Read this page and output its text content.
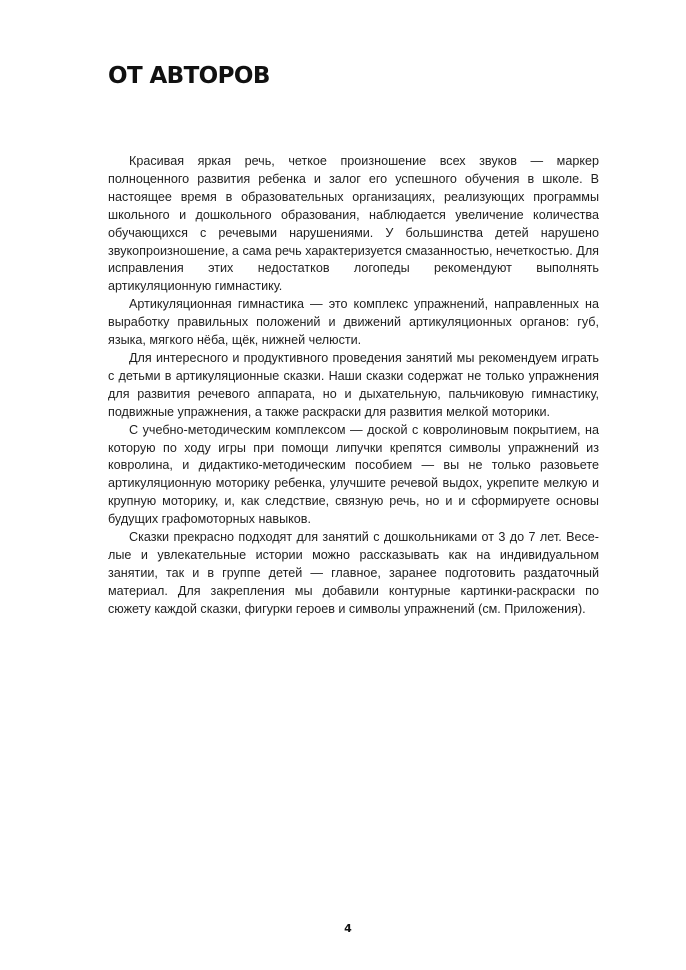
ОТ АВТОРОВ

Красивая яркая речь, четкое произношение всех звуков — маркер полноценного развития ребенка и залог его успешного обучения в школе. В настоящее время в образовательных организациях, реализующих программы школьного и дошкольного образования, наблюдается увеличение количества обучающихся с речевыми нарушениями. У большинства детей нарушено звукопроизношение, а сама речь характеризуется смазанностью, нечеткостью. Для исправления этих недостатков логопеды рекомендуют выполнять артикуляционную гимнастику.

Артикуляционная гимнастика — это комплекс упражнений, направленных на выработку правильных положений и движений артикуляционных органов: губ, языка, мягкого нёба, щёк, нижней челюсти.

Для интересного и продуктивного проведения занятий мы рекомендуем играть с детьми в артикуляционные сказки. Наши сказки содержат не только упражнения для развития речевого аппарата, но и дыхательную, пальчиковую гимнастику, подвижные упражнения, а также раскраски для развития мелкой моторики.

С учебно-методическим комплексом — доской с ковролиновым покрытием, на которую по ходу игры при помощи липучки крепятся символы упражнений из ковролина, и дидактико-методическим пособием — вы не только разовьете артикуляционную моторику ребенка, улучшите речевой выдох, укрепите мелкую и крупную моторику, и, как следствие, связную речь, но и и сформируете основы будущих графомоторных навыков.

Сказки прекрасно подходят для занятий с дошкольниками от 3 до 7 лет. Веселые и увлекательные истории можно рассказывать как на индивидуальном занятии, так и в группе детей — главное, заранее подготовить раздаточный материал. Для закрепления мы добавили контурные картинки-раскраски по сюжету каждой сказки, фигурки героев и символы упражнений (см. Приложения).

4
